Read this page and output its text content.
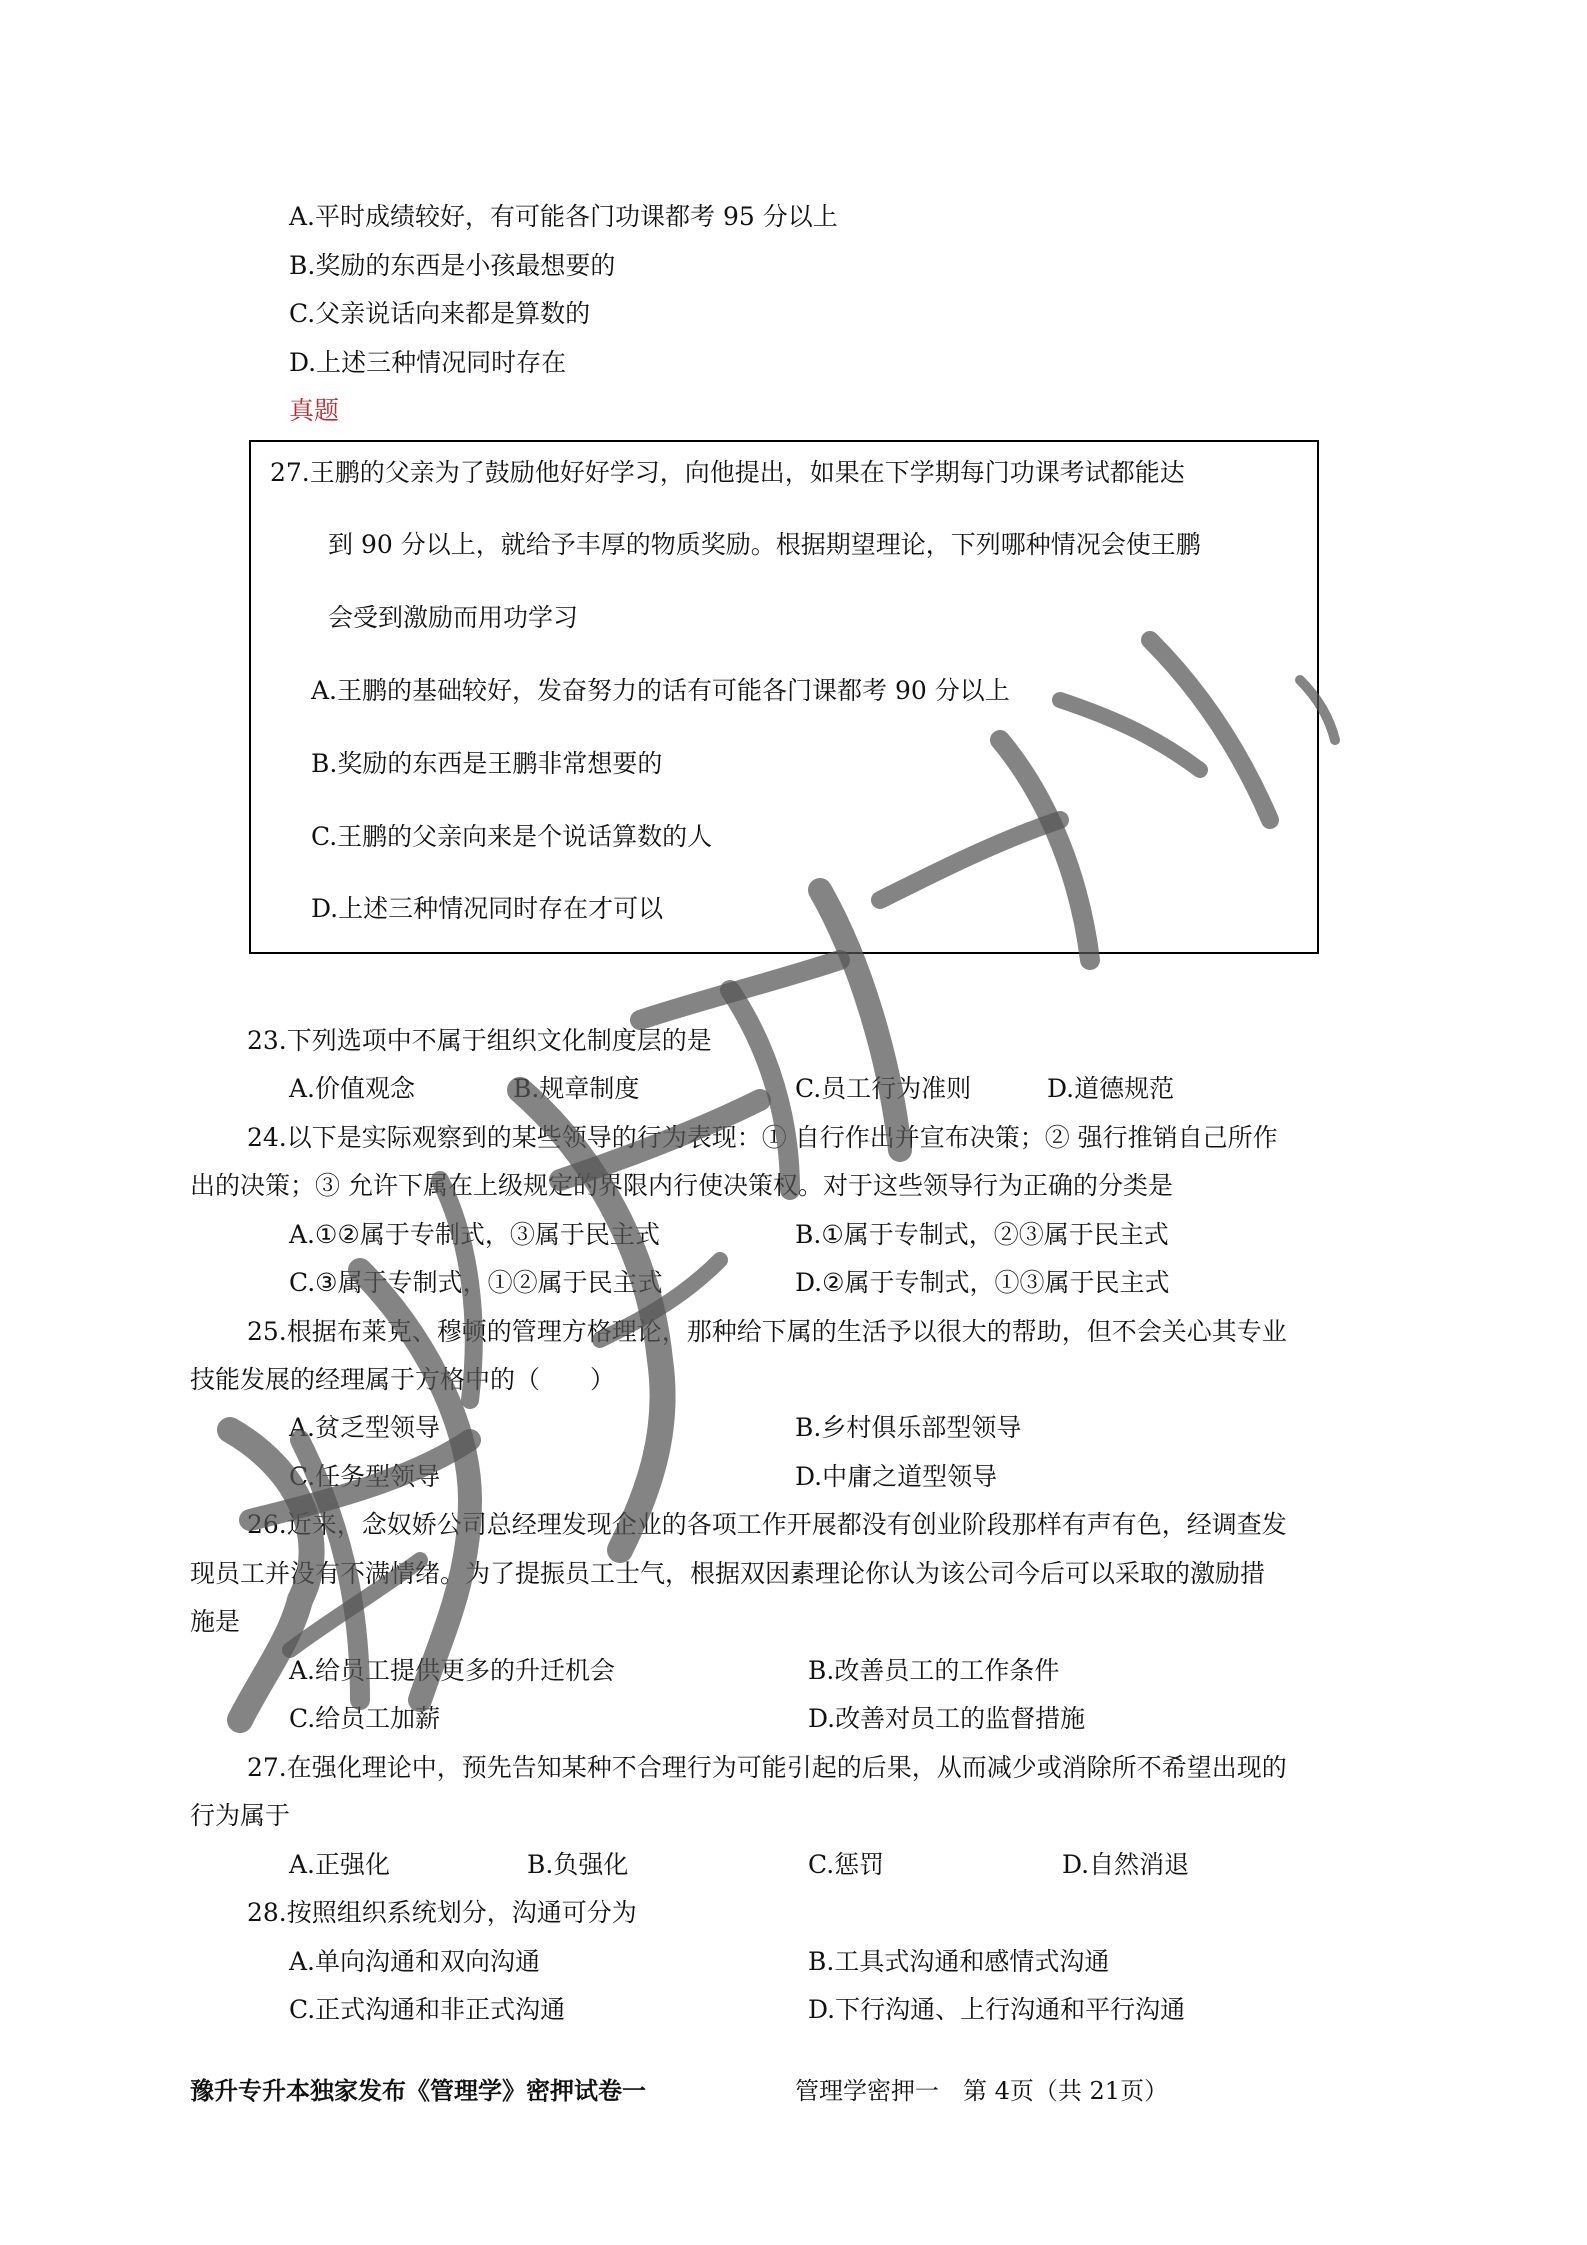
A.平时成绩较好，有可能各门功课都考 95 分以上
B.奖励的东西是小孩最想要的
C.父亲说话向来都是算数的
D.上述三种情况同时存在
真题
27.王鹏的父亲为了鼓励他好好学习，向他提出，如果在下学期每门功课考试都能达
到 90 分以上，就给予丰厚的物质奖励。根据期望理论，下列哪种情况会使王鹏
会受到激励而用功学习
A.王鹏的基础较好，发奋努力的话有可能各门课都考 90 分以上
B.奖励的东西是王鹏非常想要的
C.王鹏的父亲向来是个说话算数的人
D.上述三种情况同时存在才可以
23.下列选项中不属于组织文化制度层的是
A.价值观念	B.规章制度	C.员工行为准则	D.道德规范
24.以下是实际观察到的某些领导的行为表现：① 自行作出并宣布决策；② 强行推销自己所作
出的决策；③ 允许下属在上级规定的界限内行使决策权。对于这些领导行为正确的分类是
A.①②属于专制式，③属于民主式	B.①属于专制式，②③属于民主式
C.③属于专制式，①②属于民主式	D.②属于专制式，①③属于民主式
25.根据布莱克、穆顿的管理方格理论，那种给下属的生活予以很大的帮助，但不会关心其专业
技能发展的经理属于方格中的（　　）
A.贫乏型领导	B.乡村俱乐部型领导
C.任务型领导	D.中庸之道型领导
26.近来，念奴娇公司总经理发现企业的各项工作开展都没有创业阶段那样有声有色，经调查发
现员工并没有不满情绪。为了提振员工士气，根据双因素理论你认为该公司今后可以采取的激励措
施是
A.给员工提供更多的升迁机会	B.改善员工的工作条件
C.给员工加薪	D.改善对员工的监督措施
27.在强化理论中，预先告知某种不合理行为可能引起的后果，从而减少或消除所不希望出现的
行为属于
A.正强化	B.负强化	C.惩罚	D.自然消退
28.按照组织系统划分，沟通可分为
A.单向沟通和双向沟通	B.工具式沟通和感情式沟通
C.正式沟通和非正式沟通	D.下行沟通、上行沟通和平行沟通
豫升专升本独家发布《管理学》密押试卷一	管理学密押一　第 4页（共 21页）
